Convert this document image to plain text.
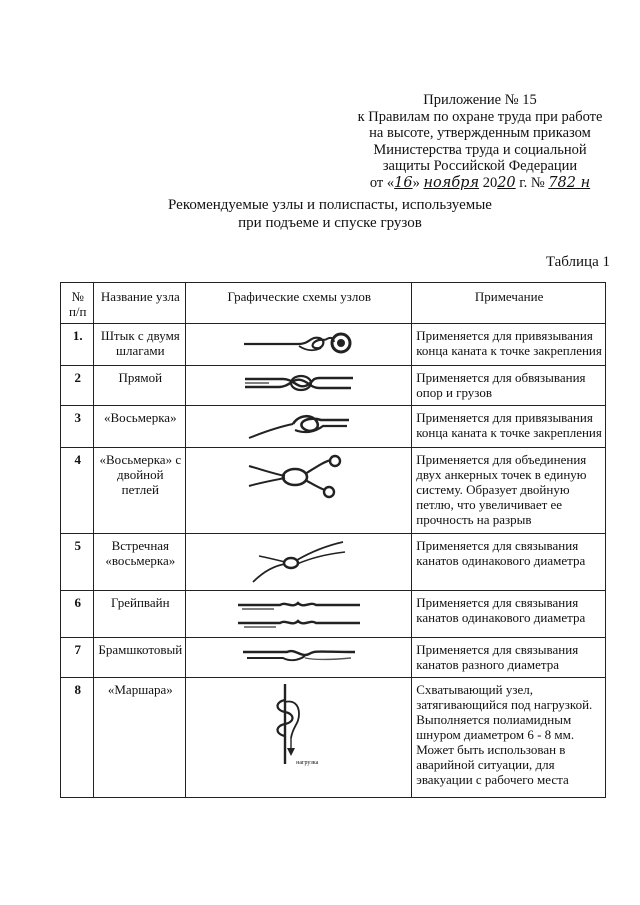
Приложение № 15
к Правилам по охране труда при работе
на высоте, утвержденным приказом
Министерства труда и социальной
защиты Российской Федерации
от «16» ноября 2020 г. № 782 н
Рекомендуемые узлы и полиспасты, используемые
при подъеме и спуске грузов
Таблица 1
№ п/п	Название узла	Графические схемы узлов	Примечание
1.	Штык с двумя шлагами		Применяется для привязывания конца каната к точке закрепления
2	Прямой		Применяется для обвязывания опор и грузов
3	«Восьмерка»		Применяется для привязывания конца каната к точке закрепления
4	«Восьмерка» с двойной петлей		Применяется для объединения двух анкерных точек в единую систему. Образует двойную петлю, что увеличивает ее прочность на разрыв
5	Встречная «восьмерка»		Применяется для связывания канатов одинакового диаметра
6	Грейпвайн		Применяется для связывания канатов одинакового диаметра
7	Брамшкотовый		Применяется для связывания канатов разного диаметра
8	«Маршара»	нагрузка	Схватывающий узел, затягивающийся под нагрузкой. Выполняется полиамидным шнуром диаметром 6 - 8 мм. Может быть использован в аварийной ситуации, для эвакуации с рабочего места
